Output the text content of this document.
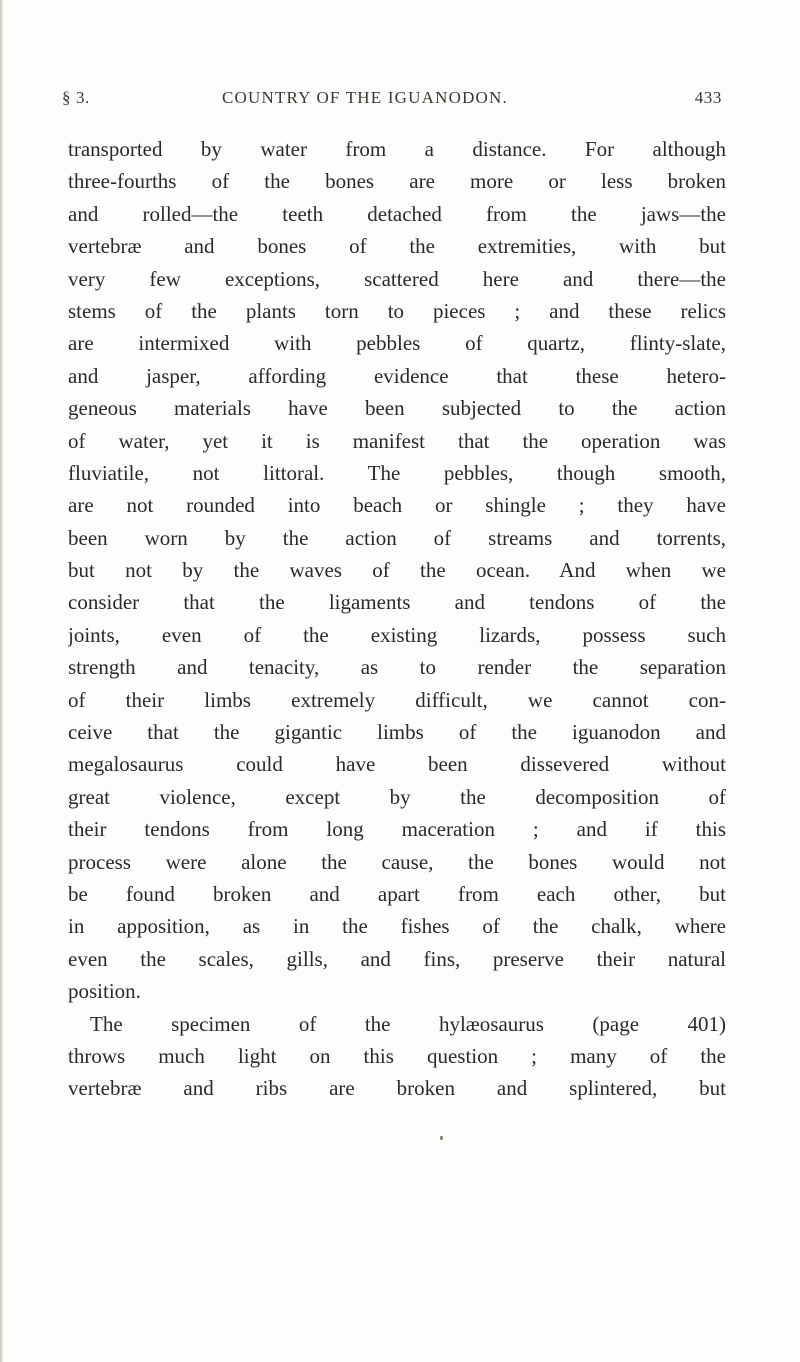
§ 3.	COUNTRY OF THE IGUANODON.	433
transported by water from a distance. For although
three-fourths of the bones are more or less broken
and rolled—the teeth detached from the jaws—the
vertebræ and bones of the extremities, with but
very few exceptions, scattered here and there—the
stems of the plants torn to pieces ; and these relics
are intermixed with pebbles of quartz, flinty-slate,
and jasper, affording evidence that these hetero-
geneous materials have been subjected to the action
of water, yet it is manifest that the operation was
fluviatile, not littoral. The pebbles, though smooth,
are not rounded into beach or shingle ; they have
been worn by the action of streams and torrents,
but not by the waves of the ocean. And when we
consider that the ligaments and tendons of the
joints, even of the existing lizards, possess such
strength and tenacity, as to render the separation
of their limbs extremely difficult, we cannot con-
ceive that the gigantic limbs of the iguanodon and
megalosaurus could have been dissevered without
great violence, except by the decomposition of
their tendons from long maceration ; and if this
process were alone the cause, the bones would not
be found broken and apart from each other, but
in apposition, as in the fishes of the chalk, where
even the scales, gills, and fins, preserve their natural
position.
The specimen of the hylæosaurus (page 401)
throws much light on this question ; many of the
vertebræ and ribs are broken and splintered, but
